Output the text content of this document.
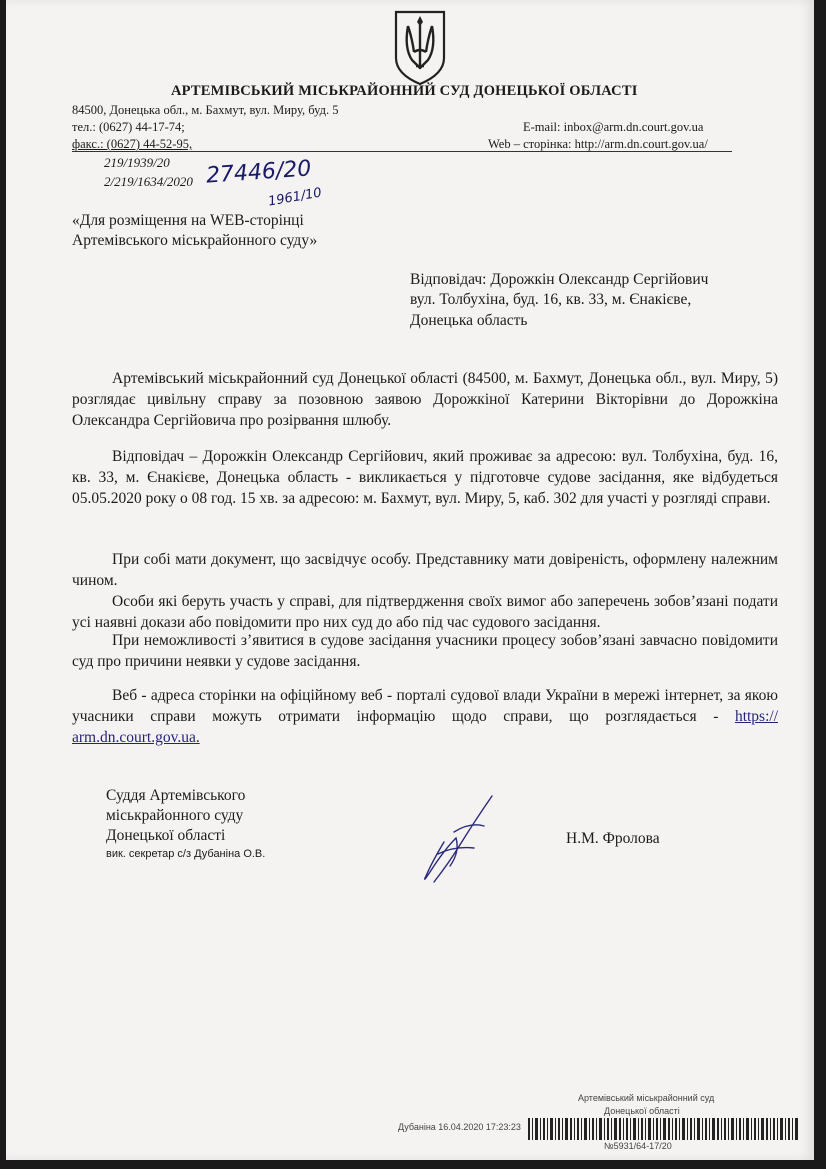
АРТЕМІВСЬКИЙ МІСЬКРАЙОННИЙ СУД ДОНЕЦЬКОЇ ОБЛАСТІ
84500, Донецька обл., м. Бахмут, вул. Миру, буд. 5
тел.: (0627) 44-17-74;	E-mail: inbox@arm.dn.court.gov.ua
факс.: (0627) 44-52-95,	Web – сторінка: http://arm.dn.court.gov.ua/
219/1939/20
2/219/1634/2020 27446/20
1961/10
«Для розміщення на WEB-сторінці
Артемівського міськрайонного суду»
Відповідач: Дорожкін Олександр Сергійович
вул. Толбухіна, буд. 16, кв. 33, м. Єнакієве,
Донецька область
Артемівський міськрайонний суд Донецької області (84500, м. Бахмут, Донецька обл., вул. Миру, 5) розглядає цивільну справу за позовною заявою Дорожкіної Катерини Вікторівни до Дорожкіна Олександра Сергійовича про розірвання шлюбу.
Відповідач – Дорожкін Олександр Сергійович, який проживає за адресою: вул. Толбухіна, буд. 16, кв. 33, м. Єнакієве, Донецька область - викликається у підготовче судове засідання, яке відбудеться 05.05.2020 року о 08 год. 15 хв. за адресою: м. Бахмут, вул. Миру, 5, каб. 302 для участі у розгляді справи.
При собі мати документ, що засвідчує особу. Представнику мати довіреність, оформлену належним чином.
Особи які беруть участь у справі, для підтвердження своїх вимог або заперечень зобов’язані подати усі наявні докази або повідомити про них суд до або під час судового засідання.
При неможливості з’явитися в судове засідання учасники процесу зобов’язані завчасно повідомити суд про причини неявки у судове засідання.
Веб - адреса сторінки на офіційному веб - порталі судової влади України в мережі інтернет, за якою учасники справи можуть отримати інформацію щодо справи, що розглядається - https:// arm.dn.court.gov.ua.
Суддя Артемівського
міськрайонного суду
Донецької області
вик. секретар с/з Дубаніна О.В.
Н.М. Фролова
Артемівський міськрайонний суд
Донецької області
Дубаніна 16.04.2020 17:23:23
№5931/64-17/20
